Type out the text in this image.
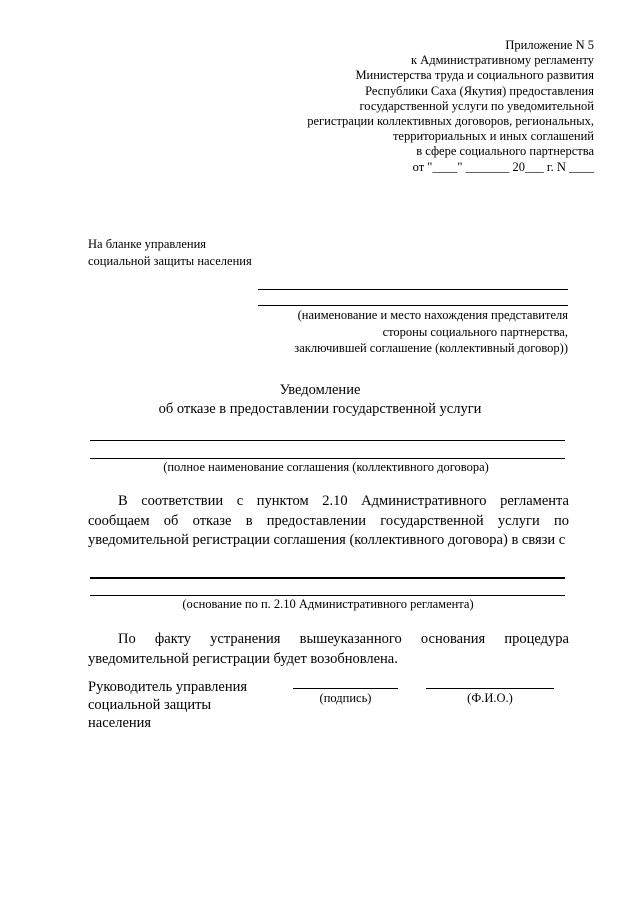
Приложение N 5
к Административному регламенту
Министерства труда и социального развития
Республики Саха (Якутия) предоставления
государственной услуги по уведомительной
регистрации коллективных договоров, региональных,
территориальных и иных соглашений
в сфере социального партнерства
от "____" _______ 20___ г. N ____
На бланке управления
социальной защиты населения
(наименование и место нахождения представителя
стороны социального партнерства,
заключившей соглашение (коллективный договор))
Уведомление
об отказе в предоставлении государственной услуги
(полное наименование соглашения (коллективного договора)
В соответствии с пунктом 2.10 Административного регламента сообщаем об отказе в предоставлении государственной услуги по уведомительной регистрации соглашения (коллективного договора) в связи с
(основание по п. 2.10 Административного регламента)
По факту устранения вышеуказанного основания процедура уведомительной регистрации будет возобновлена.
Руководитель управления
социальной защиты
населения
(подпись)	(Ф.И.О.)
